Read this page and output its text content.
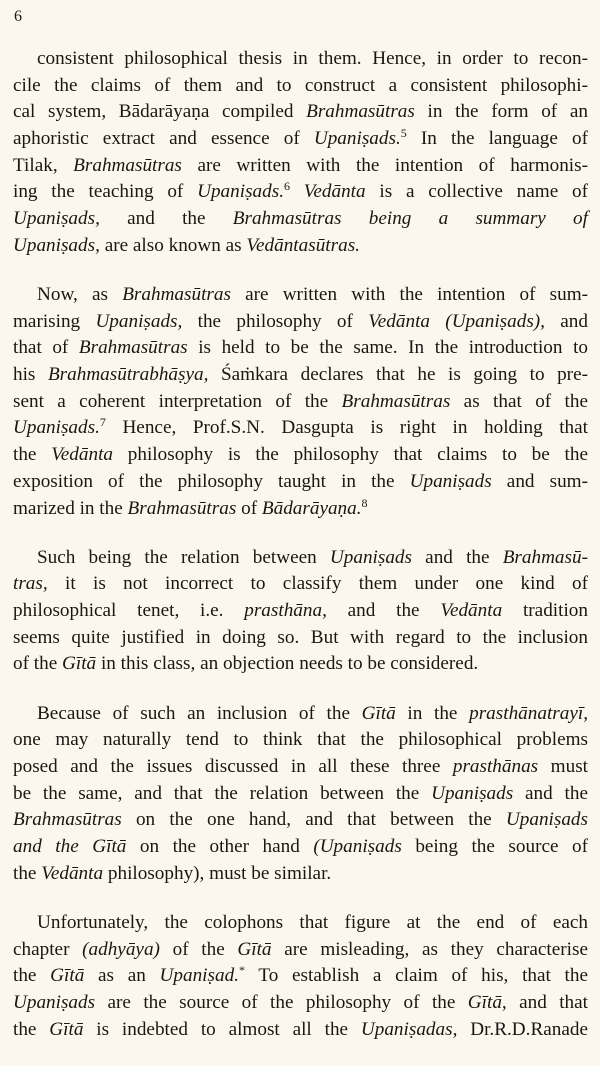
6
consistent philosophical thesis in them. Hence, in order to recon-
cile the claims of them and to construct a consistent philosophi-
cal system, Bādarāyaṇa compiled Brahmasūtras in the form of an
aphoristic extract and essence of Upaniṣads.$^5$ In the language of
Tilak, Brahmasūtras are written with the intention of harmonis-
ing the teaching of Upaniṣads.$^6$ Vedānta is a collective name of
Upaniṣads, and the Brahmasūtras being a summary of
Upaniṣads, are also known as Vedāntasūtras.
Now, as Brahmasūtras are written with the intention of sum-
marising Upaniṣads, the philosophy of Vedānta (Upaniṣads), and
that of Brahmasūtras is held to be the same. In the introduction to
his Brahmasūtrabhāṣya, Śaṁkara declares that he is going to pre-
sent a coherent interpretation of the Brahmasūtras as that of the
Upaniṣads.$^7$ Hence, Prof.S.N. Dasgupta is right in holding that
the Vedānta philosophy is the philosophy that claims to be the
exposition of the philosophy taught in the Upaniṣads and sum-
marized in the Brahmasūtras of Bādarāyaṇa.$^8$
Such being the relation between Upaniṣads and the Brahmasū-
tras, it is not incorrect to classify them under one kind of
philosophical tenet, i.e. prasthāna, and the Vedānta tradition
seems quite justified in doing so. But with regard to the inclusion
of the Gītā in this class, an objection needs to be considered.
Because of such an inclusion of the Gītā in the prasthānatrayī,
one may naturally tend to think that the philosophical problems
posed and the issues discussed in all these three prasthānas must
be the same, and that the relation between the Upaniṣads and the
Brahmasūtras on the one hand, and that between the Upaniṣads
and the Gītā on the other hand (Upaniṣads being the source of
the Vedānta philosophy), must be similar.
Unfortunately, the colophons that figure at the end of each
chapter (adhyāya) of the Gītā are misleading, as they characterise
the Gītā as an Upaniṣad.* To establish a claim of his, that the
Upaniṣads are the source of the philosophy of the Gītā, and that
the Gītā is indebted to almost all the Upaniṣadas, Dr.R.D.Ranade
